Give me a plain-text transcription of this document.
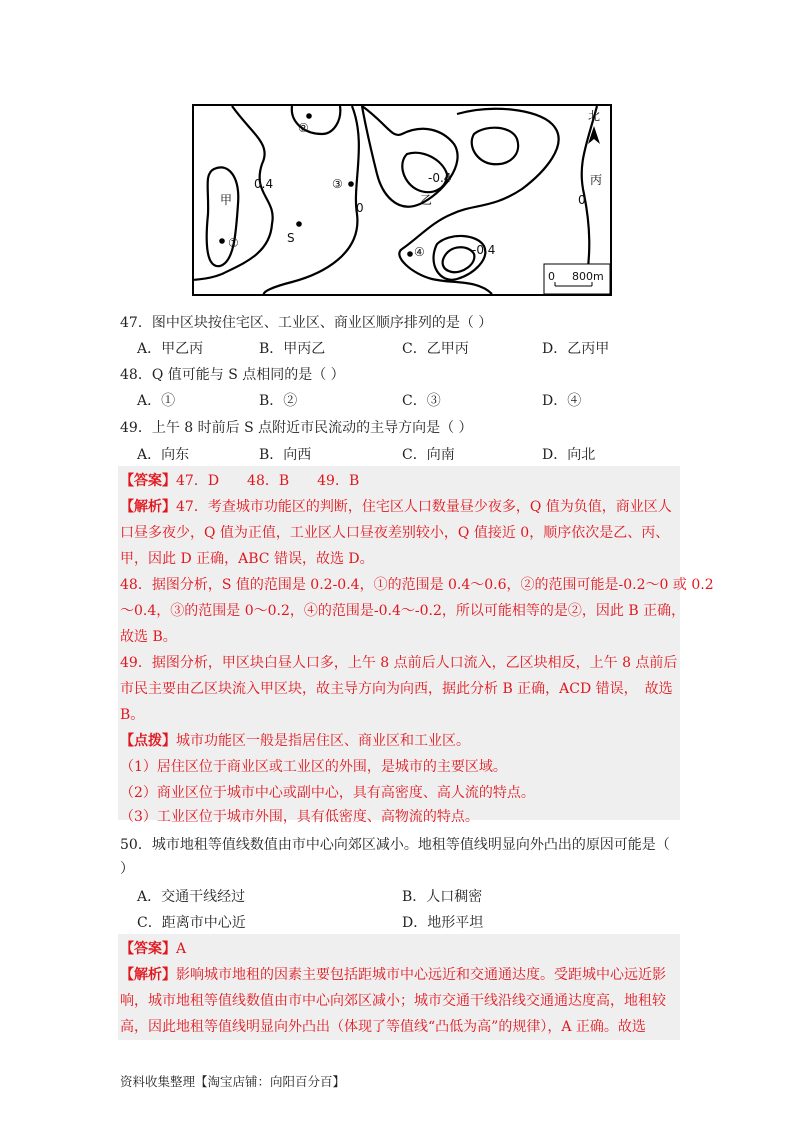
北
丙
甲	乙
S
①
②
③
④
0.4
0
0
-0.4
-0.4
0 800m
47．图中区块按住宅区、工业区、商业区顺序排列的是（ ）
A．甲乙丙	B．甲丙乙	C．乙甲丙	D．乙丙甲
48．Q 值可能与 S 点相同的是（ ）
A．①	B．②	C．③	D．④
49．上午 8 时前后 S 点附近市民流动的主导方向是（ ）
A．向东	B．向西	C．向南	D．向北
【答案】47．D　　48．B　　49．B
【解析】47．考查城市功能区的判断，住宅区人口数量昼少夜多，Q 值为负值，商业区人
口昼多夜少，Q 值为正值，工业区人口昼夜差别较小，Q 值接近 0，顺序依次是乙、丙、
甲，因此 D 正确，ABC 错误，故选 D。
48．据图分析，S 值的范围是 0.2-0.4，①的范围是 0.4～0.6，②的范围可能是-0.2～0 或 0.2
～0.4，③的范围是 0～0.2，④的范围是-0.4～-0.2，所以可能相等的是②，因此 B 正确，
故选 B。
49．据图分析，甲区块白昼人口多，上午 8 点前后人口流入，乙区块相反，上午 8 点前后
市民主要由乙区块流入甲区块，故主导方向为向西，据此分析 B 正确，ACD 错误，　故选
B。
【点拨】城市功能区一般是指居住区、商业区和工业区。
（1）居住区位于商业区或工业区的外围，是城市的主要区域。
（2）商业区位于城市中心或副中心，具有高密度、高人流的特点。
（3）工业区位于城市外围，具有低密度、高物流的特点。
50．城市地租等值线数值由市中心向郊区减小。地租等值线明显向外凸出的原因可能是（
）
A．交通干线经过	B．人口稠密
C．距离市中心近	D．地形平坦
【答案】A
【解析】影响城市地租的因素主要包括距城市中心远近和交通通达度。受距城中心远近影
响，城市地租等值线数值由市中心向郊区减小；城市交通干线沿线交通通达度高，地租较
高，因此地租等值线明显向外凸出（体现了等值线“凸低为高”的规律），A 正确。故选
资料收集整理【淘宝店铺：向阳百分百】
